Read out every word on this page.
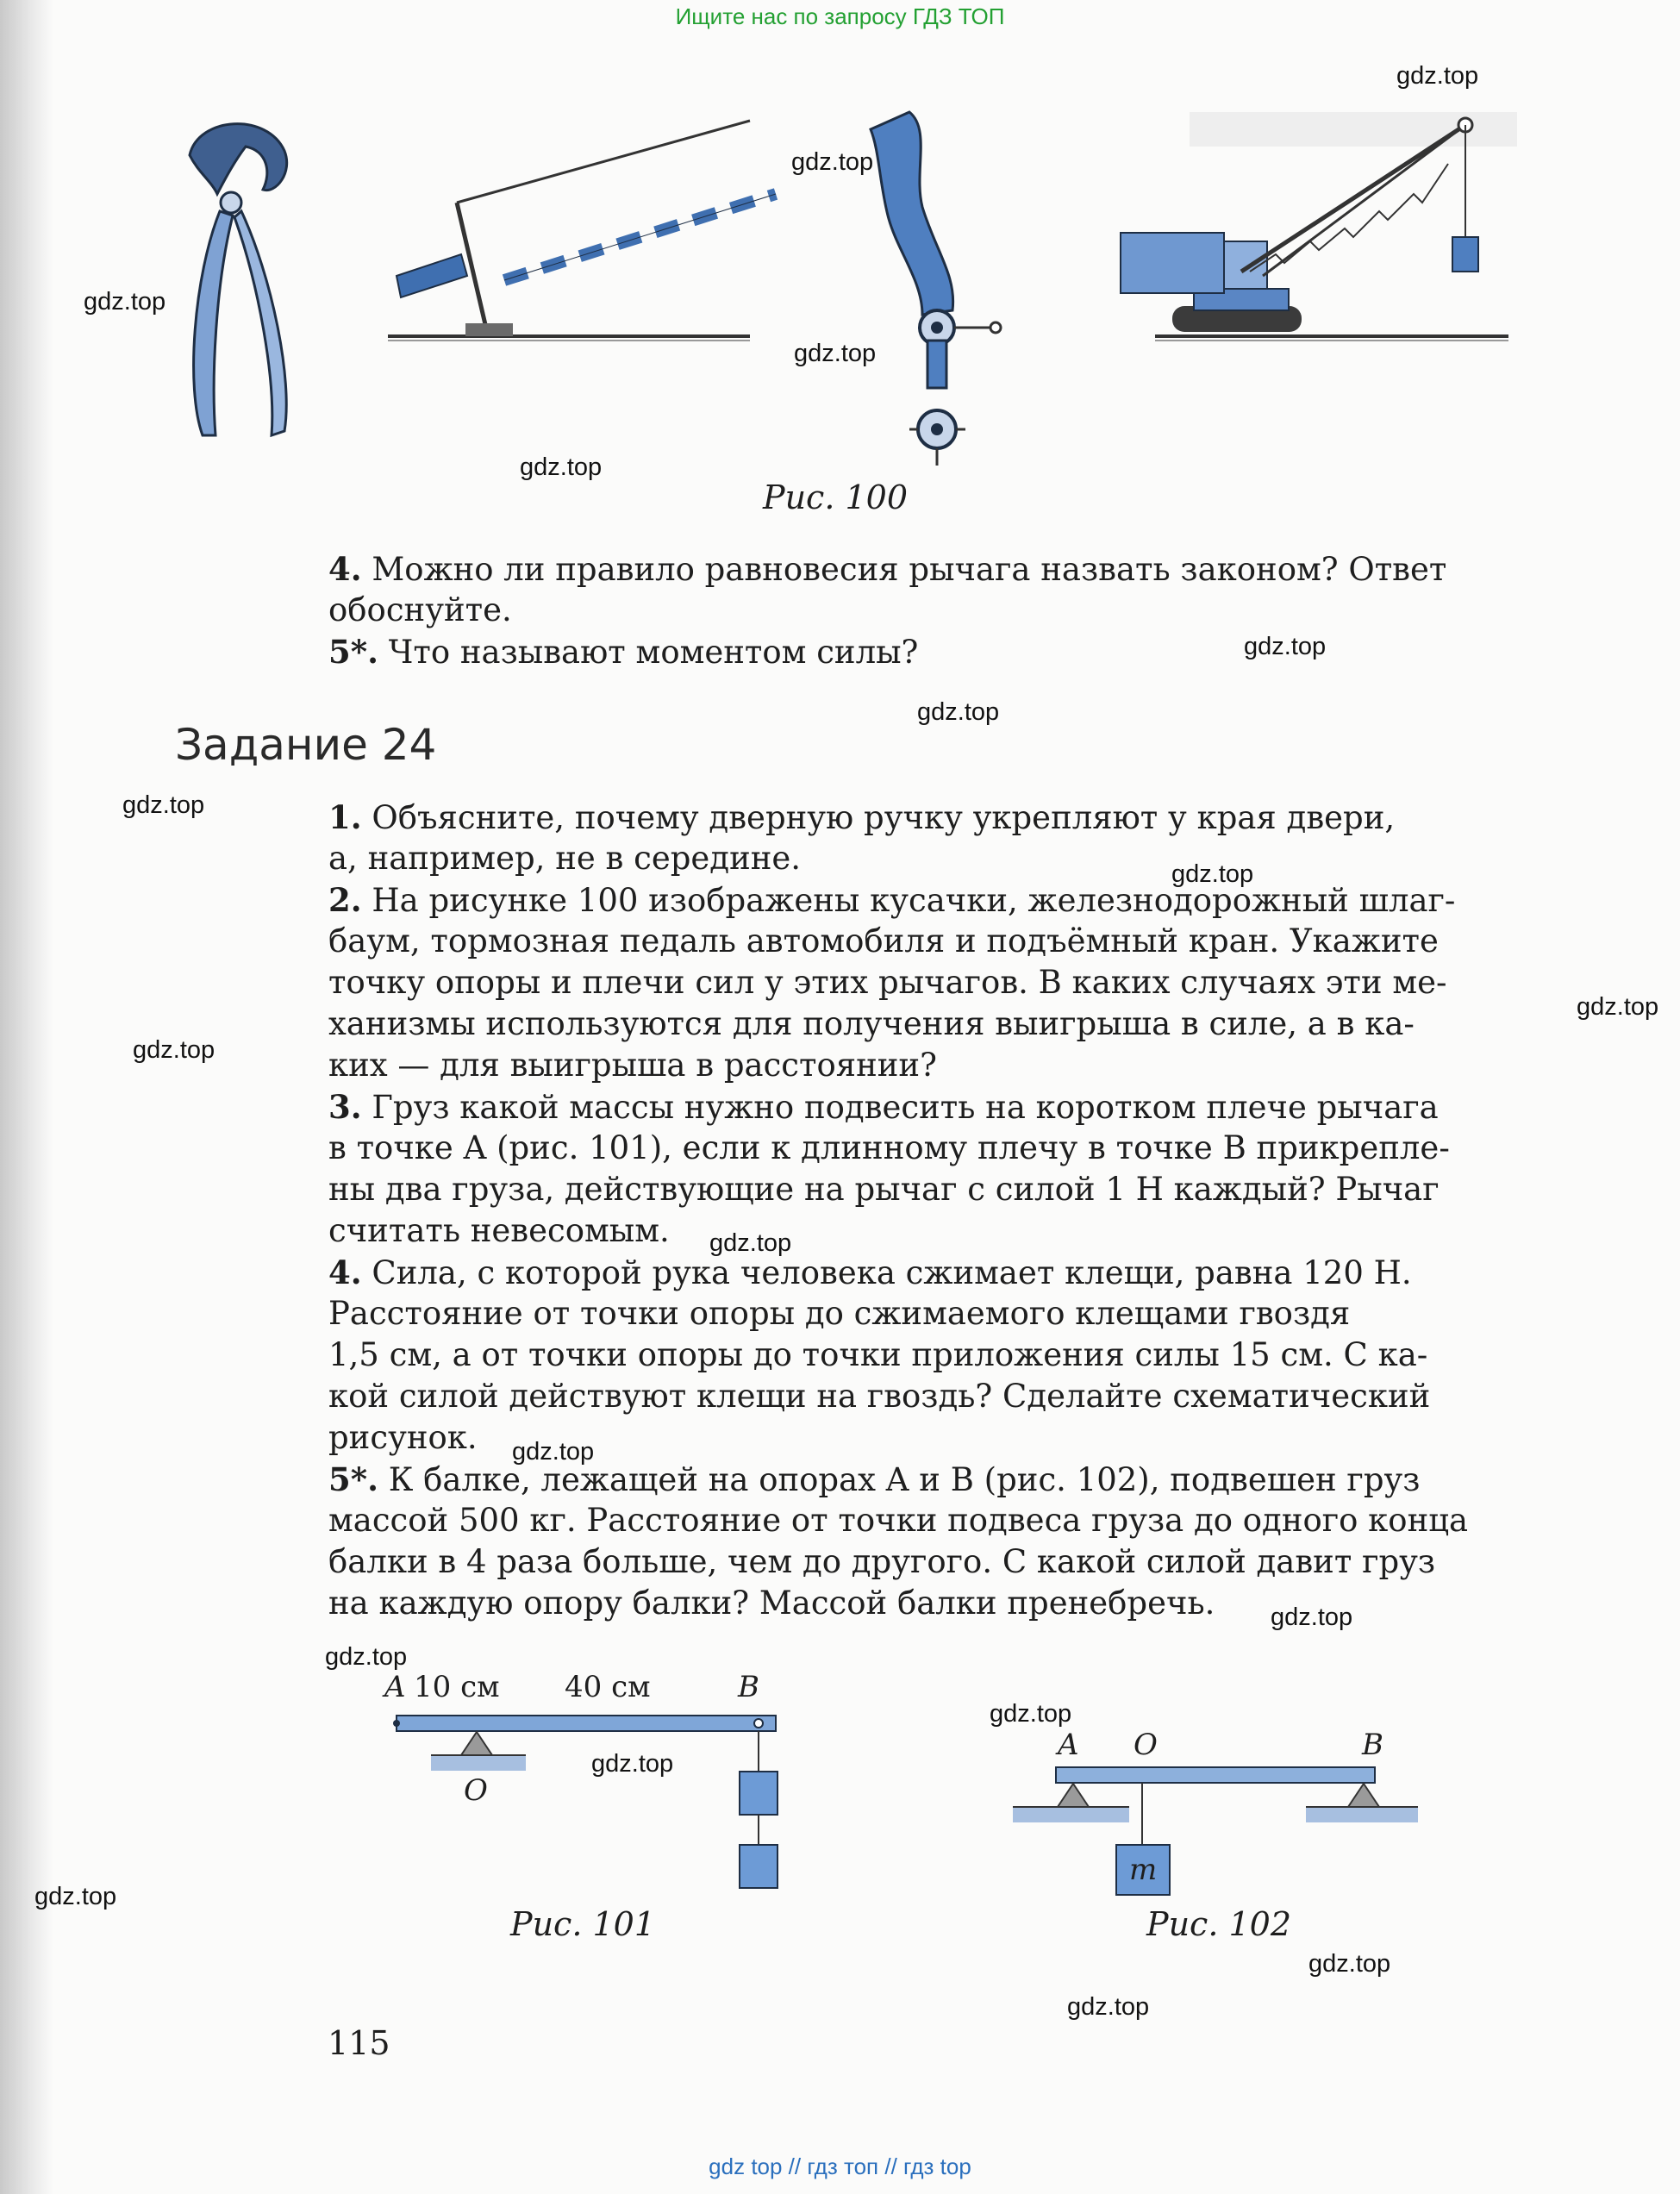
Ищите нас по запросу ГДЗ ТОП
gdz.top
gdz.top
gdz.top
gdz.top
gdz.top
gdz.top
gdz.top
gdz.top
gdz.top
gdz.top
gdz.top
gdz.top
gdz.top
gdz.top
gdz.top
gdz.top
gdz.top
gdz.top
gdz.top
gdz.top
Рис. 100
4. Можно ли правило равновесия рычага назвать законом? Ответ
обоснуйте.
5*. Что называют моментом силы?
Задание 24
1. Объясните, почему дверную ручку укрепляют у края двери,
а, например, не в середине.
2. На рисунке 100 изображены кусачки, железнодорожный шлаг-
баум, тормозная педаль автомобиля и подъёмный кран. Укажите
точку опоры и плечи сил у этих рычагов. В каких случаях эти ме-
ханизмы используются для получения выигрыша в силе, а в ка-
ких — для выигрыша в расстоянии?
3. Груз какой массы нужно подвесить на коротком плече рычага
в точке A (рис. 101), если к длинному плечу в точке B прикрепле-
ны два груза, действующие на рычаг с силой 1 Н каждый? Рычаг
считать невесомым.
4. Сила, с которой рука человека сжимает клещи, равна 120 Н.
Расстояние от точки опоры до сжимаемого клещами гвоздя
1,5 см, а от точки опоры до точки приложения силы 15 см. С ка-
кой силой действуют клещи на гвоздь? Сделайте схематический
рисунок.
5*. К балке, лежащей на опорах A и B (рис. 102), подвешен груз
массой 500 кг. Расстояние от точки подвеса груза до одного конца
балки в 4 раза больше, чем до другого. С какой силой давит груз
на каждую опору балки? Массой балки пренебречь.
A 10 см 40 см	B
O
Рис. 101
A O	B
m
Рис. 102
115
gdz top // гдз топ // гдз top
